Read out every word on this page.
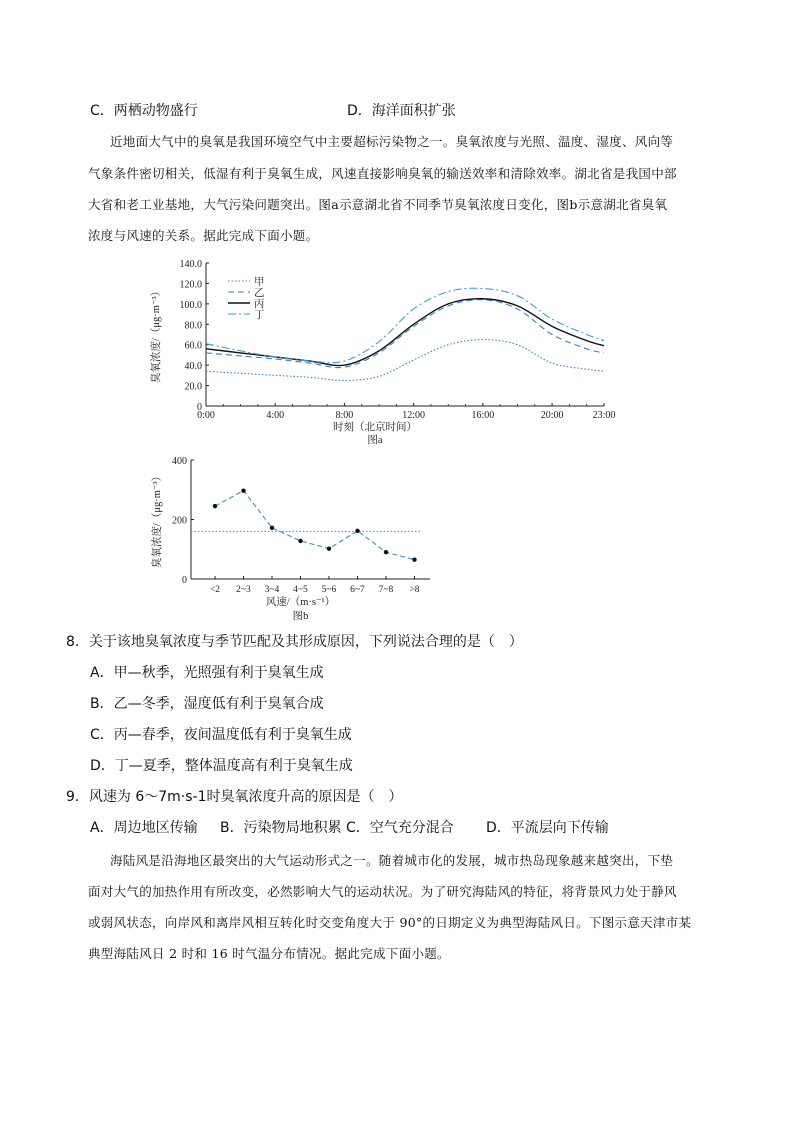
C．两栖动物盛行	D．海洋面积扩张
近地面大气中的臭氧是我国环境空气中主要超标污染物之一。臭氧浓度与光照、温度、湿度、风向等
气象条件密切相关，低湿有利于臭氧生成，风速直接影响臭氧的输送效率和清除效率。湖北省是我国中部
大省和老工业基地，大气污染问题突出。图a示意湖北省不同季节臭氧浓度日变化，图b示意湖北省臭氧
浓度与风速的关系。据此完成下面小题。
0
20.0
40.0
60.0
80.0
100.0
120.0
140.0
0:00	4:00	8:00	12:00	16:00	20:00	23:00
时刻（北京时间）
图a
臭氧浓度/（μg·m⁻³）
甲
乙
丙
丁
0
200
400
<2 2~3 3~4 4~5 5~6 6~7 7~8 >8
风速/（m·s⁻¹）
图b
臭氧浓度/（μg·m⁻³）
8．关于该地臭氧浓度与季节匹配及其形成原因，下列说法合理的是（　）
A．甲—秋季，光照强有利于臭氧生成
B．乙—冬季，湿度低有利于臭氧合成
C．丙—春季，夜间温度低有利于臭氧生成
D．丁—夏季，整体温度高有利于臭氧生成
9．风速为 6～7m·s-1时臭氧浓度升高的原因是（　）
A．周边地区传输 B．污染物局地积累 C．空气充分混合 D．平流层向下传输
海陆风是沿海地区最突出的大气运动形式之一。随着城市化的发展，城市热岛现象越来越突出，下垫
面对大气的加热作用有所改变，必然影响大气的运动状况。为了研究海陆风的特征，将背景风力处于静风
或弱风状态，向岸风和离岸风相互转化时交变角度大于 90°的日期定义为典型海陆风日。下图示意天津市某
典型海陆风日 2 时和 16 时气温分布情况。据此完成下面小题。
